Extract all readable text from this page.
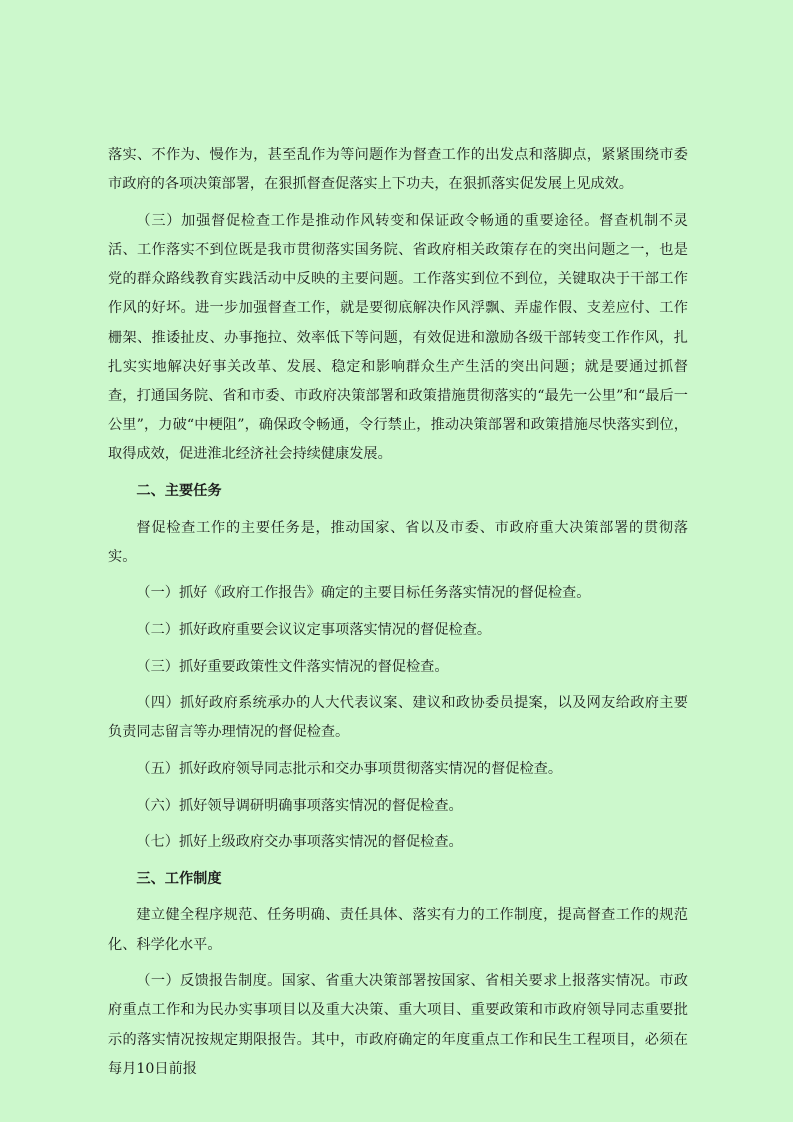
落实、不作为、慢作为，甚至乱作为等问题作为督查工作的出发点和落脚点，紧紧围绕市委市政府的各项决策部署，在狠抓督查促落实上下功夫，在狠抓落实促发展上见成效。

（三）加强督促检查工作是推动作风转变和保证政令畅通的重要途径。督查机制不灵活、工作落实不到位既是我市贯彻落实国务院、省政府相关政策存在的突出问题之一，也是党的群众路线教育实践活动中反映的主要问题。工作落实到位不到位，关键取决于干部工作作风的好坏。进一步加强督查工作，就是要彻底解决作风浮飘、弄虚作假、支差应付、工作栅架、推诿扯皮、办事拖拉、效率低下等问题，有效促进和激励各级干部转变工作作风，扎扎实实地解决好事关改革、发展、稳定和影响群众生产生活的突出问题；就是要通过抓督查，打通国务院、省和市委、市政府决策部署和政策措施贯彻落实的“最先一公里”和“最后一公里”，力破“中梗阻”，确保政令畅通，令行禁止，推动决策部署和政策措施尽快落实到位，取得成效，促进淮北经济社会持续健康发展。

二、主要任务

督促检查工作的主要任务是，推动国家、省以及市委、市政府重大决策部署的贯彻落实。

（一）抓好《政府工作报告》确定的主要目标任务落实情况的督促检查。

（二）抓好政府重要会议议定事项落实情况的督促检查。

（三）抓好重要政策性文件落实情况的督促检查。

（四）抓好政府系统承办的人大代表议案、建议和政协委员提案，以及网友给政府主要负责同志留言等办理情况的督促检查。

（五）抓好政府领导同志批示和交办事项贯彻落实情况的督促检查。

（六）抓好领导调研明确事项落实情况的督促检查。

（七）抓好上级政府交办事项落实情况的督促检查。

三、工作制度

建立健全程序规范、任务明确、责任具体、落实有力的工作制度，提高督查工作的规范化、科学化水平。

（一）反馈报告制度。国家、省重大决策部署按国家、省相关要求上报落实情况。市政府重点工作和为民办实事项目以及重大决策、重大项目、重要政策和市政府领导同志重要批示的落实情况按规定期限报告。其中，市政府确定的年度重点工作和民生工程项目，必须在每月10日前报
